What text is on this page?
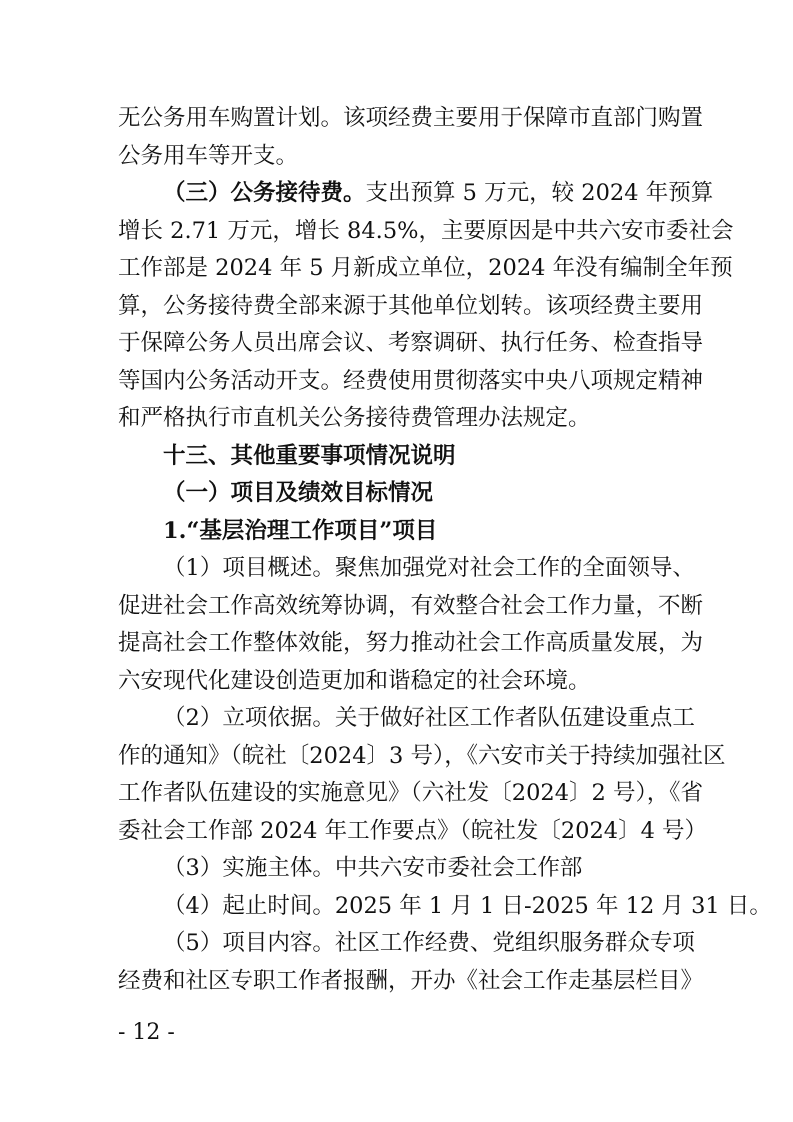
无公务用车购置计划。该项经费主要用于保障市直部门购置
公务用车等开支。
（三）公务接待费。支出预算 5 万元，较 2024 年预算
增长 2.71 万元，增长 84.5%，主要原因是中共六安市委社会
工作部是 2024 年 5 月新成立单位，2024 年没有编制全年预
算，公务接待费全部来源于其他单位划转。该项经费主要用
于保障公务人员出席会议、考察调研、执行任务、检查指导
等国内公务活动开支。经费使用贯彻落实中央八项规定精神
和严格执行市直机关公务接待费管理办法规定。
十三、其他重要事项情况说明
（一）项目及绩效目标情况
1.“基层治理工作项目”项目
（1）项目概述。聚焦加强党对社会工作的全面领导、
促进社会工作高效统筹协调，有效整合社会工作力量，不断
提高社会工作整体效能，努力推动社会工作高质量发展，为
六安现代化建设创造更加和谐稳定的社会环境。
（2）立项依据。关于做好社区工作者队伍建设重点工
作的通知》（皖社〔2024〕3 号），《六安市关于持续加强社区
工作者队伍建设的实施意见》（六社发〔2024〕2 号），《省
委社会工作部 2024 年工作要点》（皖社发〔2024〕4 号）
（3）实施主体。中共六安市委社会工作部
（4）起止时间。2025 年 1 月 1 日-2025 年 12 月 31 日。
（5）项目内容。社区工作经费、党组织服务群众专项
经费和社区专职工作者报酬，开办《社会工作走基层栏目》
- 12 -
